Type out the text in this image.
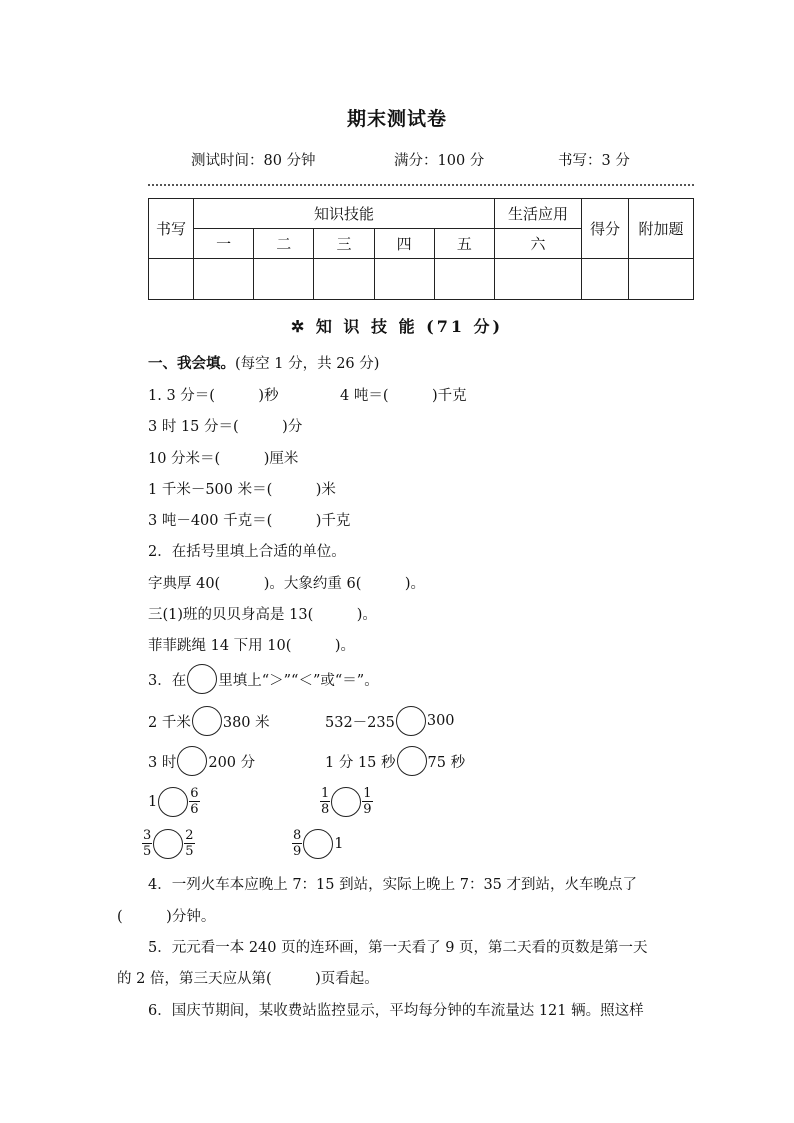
期末测试卷
测试时间：80 分钟	满分：100 分	书写：3 分
书写	知识技能					生活应用	得分	附加题
	一	二	三	四	五	六		

✲ 知 识 技 能 (71 分)
一、我会填。(每空 1 分，共 26 分)
1. 3 分＝(　　　)秒	4 吨＝(　　　)千克
3 时 15 分＝(　　　)分
10 分米＝(　　　)厘米
1 千米－500 米＝(　　　)米
3 吨－400 千克＝(　　　)千克
2．在括号里填上合适的单位。
字典厚 40(　　　)。大象约重 6(　　　)。
三(1)班的贝贝身高是 13(　　　)。
菲菲跳绳 14 下用 10(　　　)。
3．在 里填上“＞”“＜”或“＝”。
2 千米 380 米	532－235 300
3 时 200 分	1 分 15 秒 75 秒
$1 \frac{6}{6}$	$\frac{1}{8} \frac{1}{9}$
$\frac{3}{5} \frac{2}{5}$	$\frac{8}{9} 1$
4．一列火车本应晚上 7：15 到站，实际上晚上 7：35 才到站，火车晚点了
(　　　)分钟。
5．元元看一本 240 页的连环画，第一天看了 9 页，第二天看的页数是第一天
的 2 倍，第三天应从第(　　　)页看起。
6．国庆节期间，某收费站监控显示，平均每分钟的车流量达 121 辆。照这样
